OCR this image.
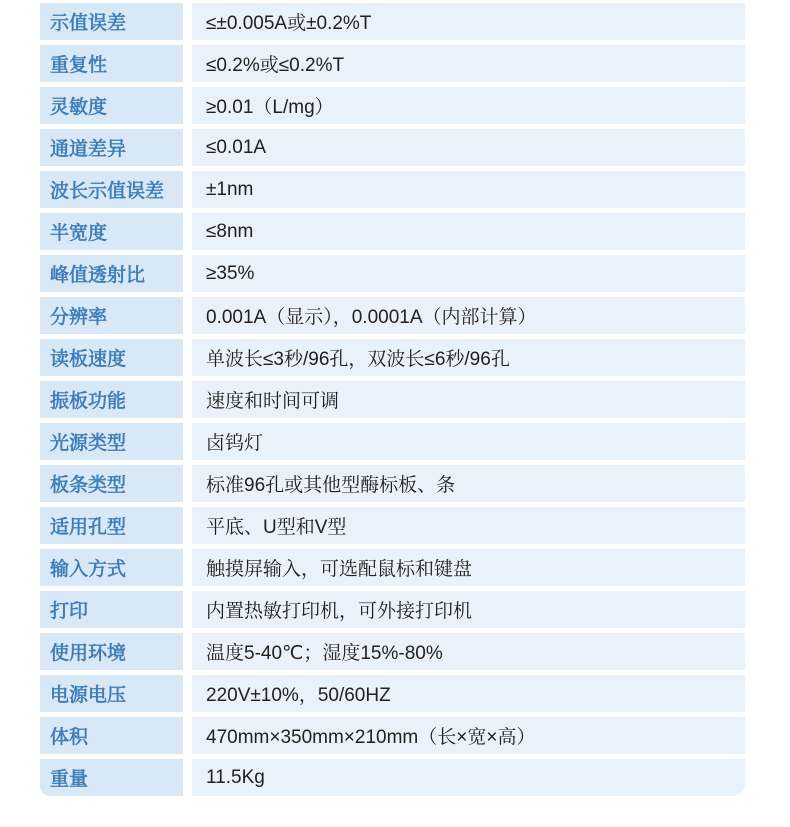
示值误差	≤±0.005A或±0.2%T
重复性	≤0.2%或≤0.2%T
灵敏度	≥0.01（L/mg）
通道差异	≤0.01A
波长示值误差	±1nm
半宽度	≤8nm
峰值透射比	≥35%
分辨率	0.001A（显示），0.0001A（内部计算）
读板速度	单波长≤3秒/96孔，双波长≤6秒/96孔
振板功能	速度和时间可调
光源类型	卤钨灯
板条类型	标准96孔或其他型酶标板、条
适用孔型	平底、U型和V型
输入方式	触摸屏输入，可选配鼠标和键盘
打印	内置热敏打印机，可外接打印机
使用环境	温度5-40℃；湿度15%-80%
电源电压	220V±10%，50/60HZ
体积	470mm×350mm×210mm（长×宽×高）
重量	11.5Kg
